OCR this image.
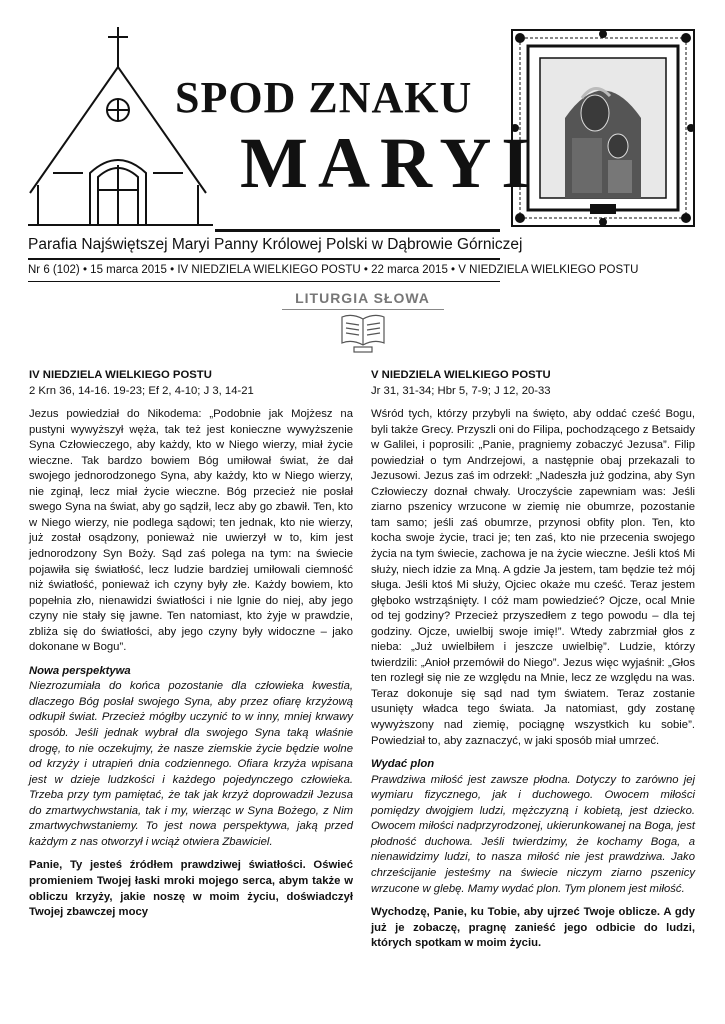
SPOD ZNAKU
MARYI
Parafia Najświętszej Maryi Panny Królowej Polski w Dąbrowie Górniczej
Nr 6 (102) • 15 marca 2015 • IV NIEDZIELA WIELKIEGO POSTU • 22 marca 2015 • V NIEDZIELA WIELKIEGO POSTU
LITURGIA SŁOWA

IV NIEDZIELA WIELKIEGO POSTU

2 Krn 36, 14-16. 19-23; Ef 2, 4-10; J 3, 14-21

Jezus powiedział do Nikodema: „Podobnie jak Mojżesz na pustyni wywyższył węża, tak też jest konieczne wywyższenie Syna Człowieczego, aby każdy, kto w Niego wierzy, miał życie wieczne. Tak bardzo bowiem Bóg umiłował świat, że dał swojego jednorodzonego Syna, aby każdy, kto w Niego wierzy, nie zginął, lecz miał życie wieczne. Bóg przecież nie posłał swego Syna na świat, aby go sądził, lecz aby go zbawił. Ten, kto w Niego wierzy, nie podlega sądowi; ten jednak, kto nie wierzy, już został osądzony, ponieważ nie uwierzył w to, kim jest jednorodzony Syn Boży. Sąd zaś polega na tym: na świecie pojawiła się światłość, lecz ludzie bardziej umiłowali ciemność niż światłość, ponieważ ich czyny były złe. Każdy bowiem, kto popełnia zło, nienawidzi światłości i nie lgnie do niej, aby jego czyny nie stały się jawne. Ten natomiast, kto żyje w prawdzie, zbliża się do światłości, aby jego czyny były widoczne – jako dokonane w Bogu”.

Nowa perspektywa

Niezrozumiała do końca pozostanie dla człowieka kwestia, dlaczego Bóg posłał swojego Syna, aby przez ofiarę krzyżową odkupił świat. Przecież mógłby uczynić to w inny, mniej krwawy sposób. Jeśli jednak wybrał dla swojego Syna taką właśnie drogę, to nie oczekujmy, że nasze ziemskie życie będzie wolne od krzyży i utrapień dnia codziennego. Ofiara krzyża wpisana jest w dzieje ludzkości i każdego pojedynczego człowieka. Trzeba przy tym pamiętać, że tak jak krzyż doprowadził Jezusa do zmartwychwstania, tak i my, wierząc w Syna Bożego, z Nim zmartwychwstaniemy. To jest nowa perspektywa, jaką przed każdym z nas otworzył i wciąż otwiera Zbawiciel.

Panie, Ty jesteś źródłem prawdziwej światłości. Oświeć promieniem Twojej łaski mroki mojego serca, abym także w obliczu krzyży, jakie noszę w moim życiu, doświadczył Twojej zbawczej mocy

V NIEDZIELA WIELKIEGO POSTU

Jr 31, 31-34; Hbr 5, 7-9; J 12, 20-33

Wśród tych, którzy przybyli na święto, aby oddać cześć Bogu, byli także Grecy. Przyszli oni do Filipa, pochodzącego z Betsaidy w Galilei, i poprosili: „Panie, pragniemy zobaczyć Jezusa”. Filip powiedział o tym Andrzejowi, a następnie obaj przekazali to Jezusowi. Jezus zaś im odrzekł: „Nadeszła już godzina, aby Syn Człowieczy doznał chwały. Uroczyście zapewniam was: Jeśli ziarno pszenicy wrzucone w ziemię nie obumrze, pozostanie tam samo; jeśli zaś obumrze, przynosi obfity plon. Ten, kto kocha swoje życie, traci je; ten zaś, kto nie przecenia swojego życia na tym świecie, zachowa je na życie wieczne. Jeśli ktoś Mi służy, niech idzie za Mną. A gdzie Ja jestem, tam będzie też mój sługa. Jeśli ktoś Mi służy, Ojciec okaże mu cześć. Teraz jestem głęboko wstrząśnięty. I cóż mam powiedzieć? Ojcze, ocal Mnie od tej godziny? Przecież przyszedłem z tego powodu – dla tej godziny. Ojcze, uwielbij swoje imię!”. Wtedy zabrzmiał głos z nieba: „Już uwielbiłem i jeszcze uwielbię”. Ludzie, którzy twierdzili: „Anioł przemówił do Niego”. Jezus więc wyjaśnił: „Głos ten rozległ się nie ze względu na Mnie, lecz ze względu na was. Teraz dokonuje się sąd nad tym światem. Teraz zostanie usunięty władca tego świata. Ja natomiast, gdy zostanę wywyższony nad ziemię, pociągnę wszystkich ku sobie”. Powiedział to, aby zaznaczyć, w jaki sposób miał umrzeć.

Wydać plon

Prawdziwa miłość jest zawsze płodna. Dotyczy to zarówno jej wymiaru fizycznego, jak i duchowego. Owocem miłości pomiędzy dwojgiem ludzi, mężczyzną i kobietą, jest dziecko. Owocem miłości nadprzyrodzonej, ukierunkowanej na Boga, jest płodność duchowa. Jeśli twierdzimy, że kochamy Boga, a nienawidzimy ludzi, to nasza miłość nie jest prawdziwa. Jako chrześcijanie jesteśmy na świecie niczym ziarno pszenicy wrzucone w glebę. Mamy wydać plon. Tym plonem jest miłość.

Wychodzę, Panie, ku Tobie, aby ujrzeć Twoje oblicze. A gdy już je zobaczę, pragnę zanieść jego odbicie do ludzi, których spotkam w moim życiu.
